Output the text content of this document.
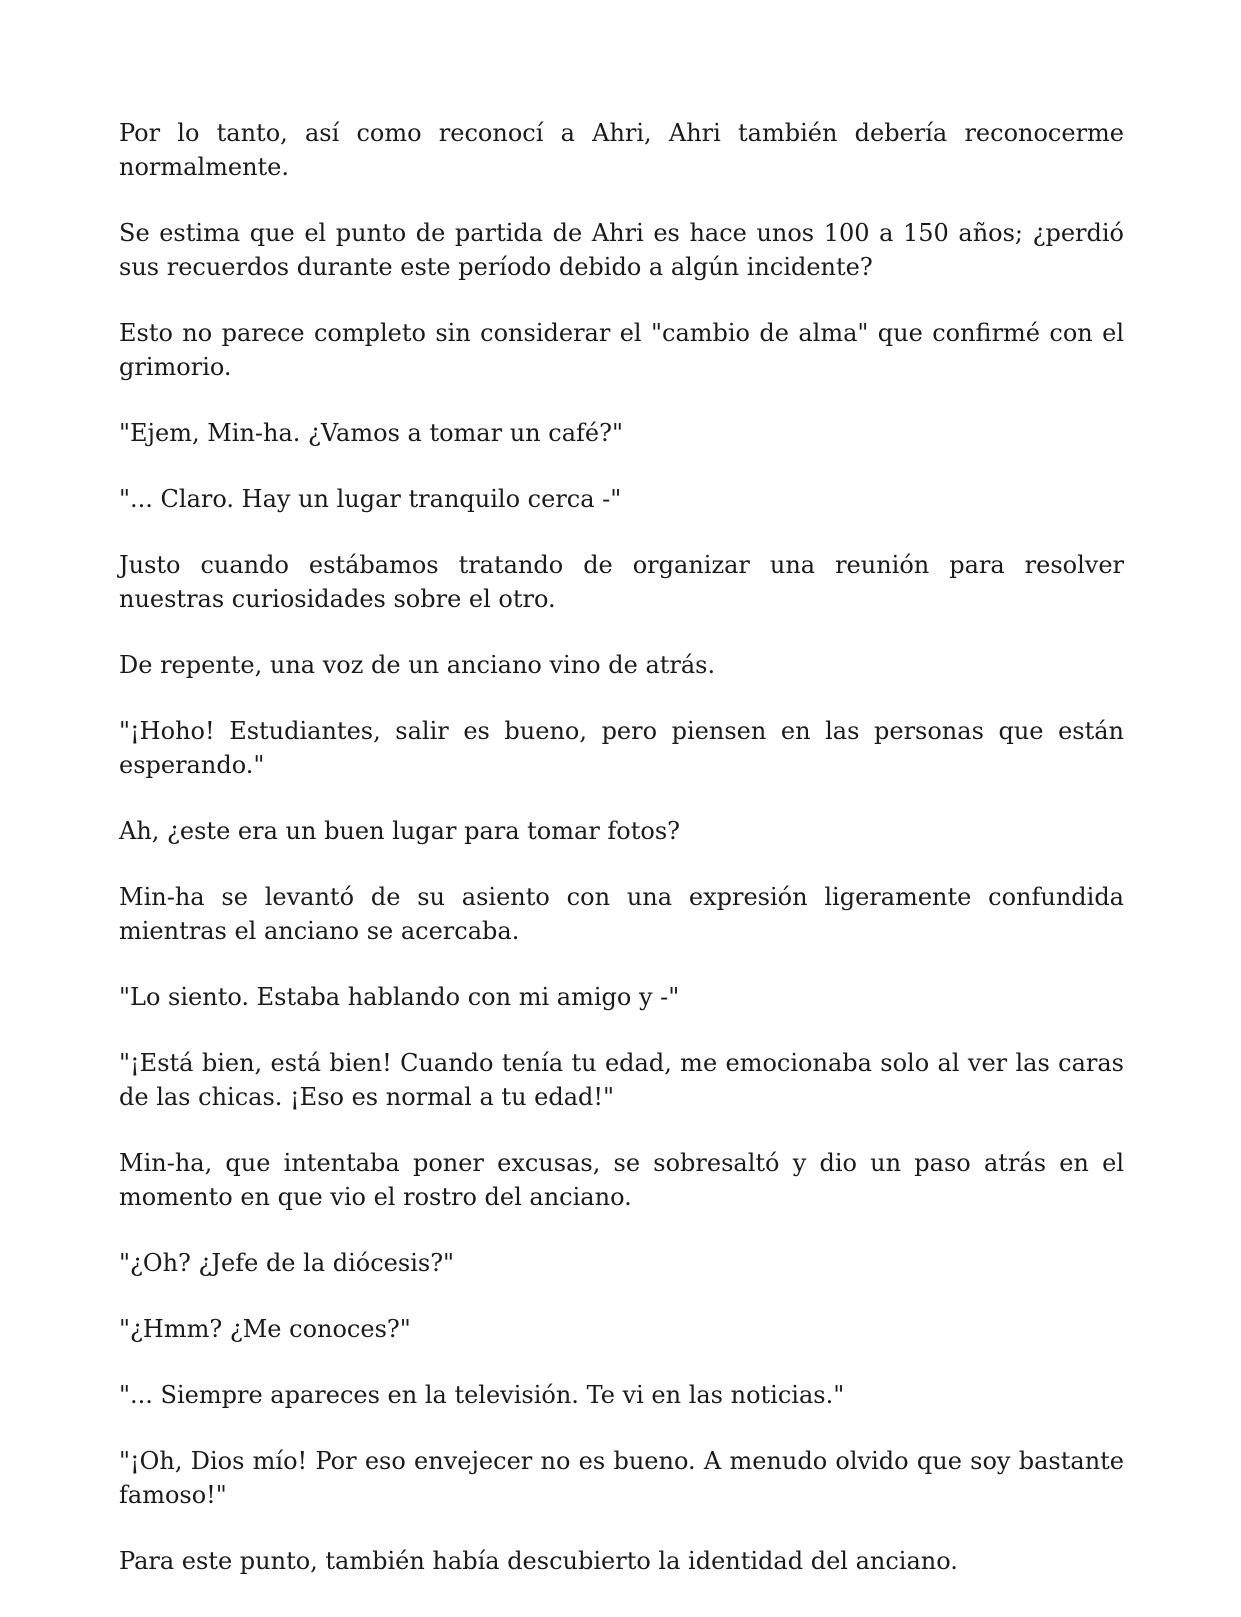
Por lo tanto, así como reconocí a Ahri, Ahri también debería reconocerme normalmente.

Se estima que el punto de partida de Ahri es hace unos 100 a 150 años; ¿perdió sus recuerdos durante este período debido a algún incidente?

Esto no parece completo sin considerar el "cambio de alma" que confirmé con el grimorio.

"Ejem, Min-ha. ¿Vamos a tomar un café?"

"... Claro. Hay un lugar tranquilo cerca -"

Justo cuando estábamos tratando de organizar una reunión para resolver nuestras curiosidades sobre el otro.

De repente, una voz de un anciano vino de atrás.

"¡Hoho! Estudiantes, salir es bueno, pero piensen en las personas que están esperando."

Ah, ¿este era un buen lugar para tomar fotos?

Min-ha se levantó de su asiento con una expresión ligeramente confundida mientras el anciano se acercaba.

"Lo siento. Estaba hablando con mi amigo y -"

"¡Está bien, está bien! Cuando tenía tu edad, me emocionaba solo al ver las caras de las chicas. ¡Eso es normal a tu edad!"

Min-ha, que intentaba poner excusas, se sobresaltó y dio un paso atrás en el momento en que vio el rostro del anciano.

"¿Oh? ¿Jefe de la diócesis?"

"¿Hmm? ¿Me conoces?"

"... Siempre apareces en la televisión. Te vi en las noticias."

"¡Oh, Dios mío! Por eso envejecer no es bueno. A menudo olvido que soy bastante famoso!"

Para este punto, también había descubierto la identidad del anciano.
